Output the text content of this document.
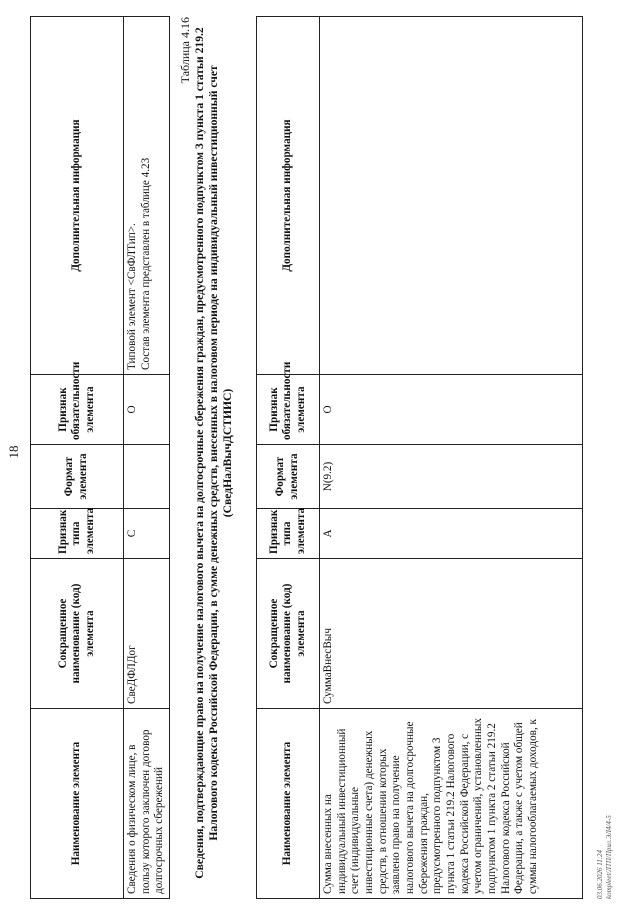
18
Наименование элемента	Сокращенное наименование (код) элемента	Признак типа элемента	Формат элемента	Признак обязательности элемента	Дополнительная информация
Сведения о физическом лице, в пользу которого заключен договор долгосрочных сбережений	СвеДФЛДог	С		О	Типовой элемент <СвФЛТип>. Состав элемента представлен в таблице 4.23
Таблица 4.16 Сведения, подтверждающие право на получение налогового вычета на долгосрочные сбережения граждан, предусмотренного подпунктом 3 пункта 1 статьи 219.2 Налогового кодекса Российской Федерации, в сумме денежных средств, внесенных в налоговом периоде на индивидуальный инвестиционный счет (СведНалВычДСТИИС)
Наименование элемента	Сокращенное наименование (код) элемента	Признак типа элемента	Формат элемента	Признак обязательности элемента	Дополнительная информация
Сумма внесенных на индивидуальный инвестиционный счет (индивидуальные инвестиционные счета) денежных средств, в отношении которых заявлено право на получение налогового вычета на долгосрочные сбережения граждан, предусмотренного подпунктом 3 пункта 1 статьи 219.2 Налогового кодекса Российской Федерации, с учетом ограничений, установленных подпунктом 1 пункта 2 статьи 219.2 Налогового кодекса Российской Федерации, а также с учетом общей суммы налогооблагаемых доходов, к	СуммаВнесВыч	А	N(9.2)	О	
03.06.2026 11:24 kompleet/ЛТП/Прил.ЭЛ4/4-5
